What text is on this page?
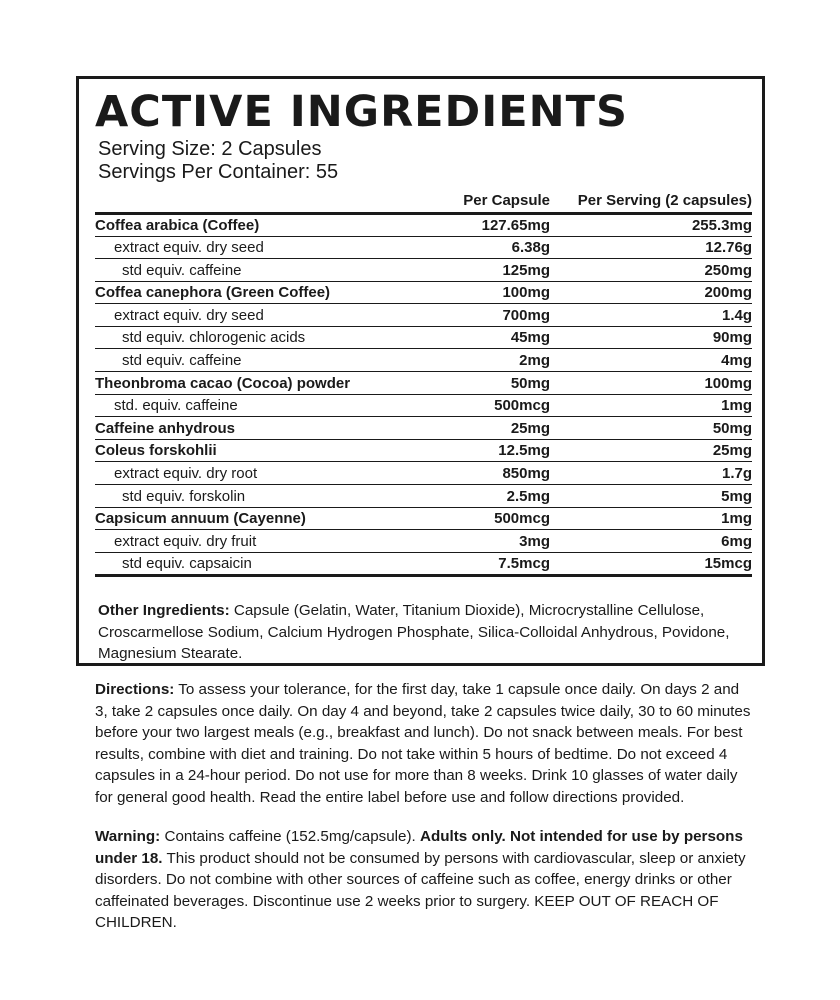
ACTIVE INGREDIENTS
Serving Size: 2 Capsules
Servings Per Container: 55
	Per Capsule	Per Serving (2 capsules)
Coffea arabica (Coffee)	127.65mg	255.3mg
extract equiv. dry seed	6.38g	12.76g
std equiv. caffeine	125mg	250mg
Coffea canephora (Green Coffee)	100mg	200mg
extract equiv. dry seed	700mg	1.4g
std equiv. chlorogenic acids	45mg	90mg
std equiv. caffeine	2mg	4mg
Theonbroma cacao (Cocoa) powder	50mg	100mg
std. equiv. caffeine	500mcg	1mg
Caffeine anhydrous	25mg	50mg
Coleus forskohlii	12.5mg	25mg
extract equiv. dry root	850mg	1.7g
std equiv. forskolin	2.5mg	5mg
Capsicum annuum (Cayenne)	500mcg	1mg
extract equiv. dry fruit	3mg	6mg
std equiv. capsaicin	7.5mcg	15mcg

Other Ingredients: Capsule (Gelatin, Water, Titanium Dioxide), Microcrystalline Cellulose, Croscarmellose Sodium, Calcium Hydrogen Phosphate, Silica-Colloidal Anhydrous, Povidone, Magnesium Stearate.

Directions: To assess your tolerance, for the first day, take 1 capsule once daily. On days 2 and 3, take 2 capsules once daily. On day 4 and beyond, take 2 capsules twice daily, 30 to 60 minutes before your two largest meals (e.g., breakfast and lunch). Do not snack between meals. For best results, combine with diet and training. Do not take within 5 hours of bedtime. Do not exceed 4 capsules in a 24-hour period. Do not use for more than 8 weeks. Drink 10 glasses of water daily for general good health. Read the entire label before use and follow directions provided.

Warning: Contains caffeine (152.5mg/capsule). Adults only. Not intended for use by persons under 18. This product should not be consumed by persons with cardiovascular, sleep or anxiety disorders. Do not combine with other sources of caffeine such as coffee, energy drinks or other caffeinated beverages. Discontinue use 2 weeks prior to surgery. KEEP OUT OF REACH OF CHILDREN.
